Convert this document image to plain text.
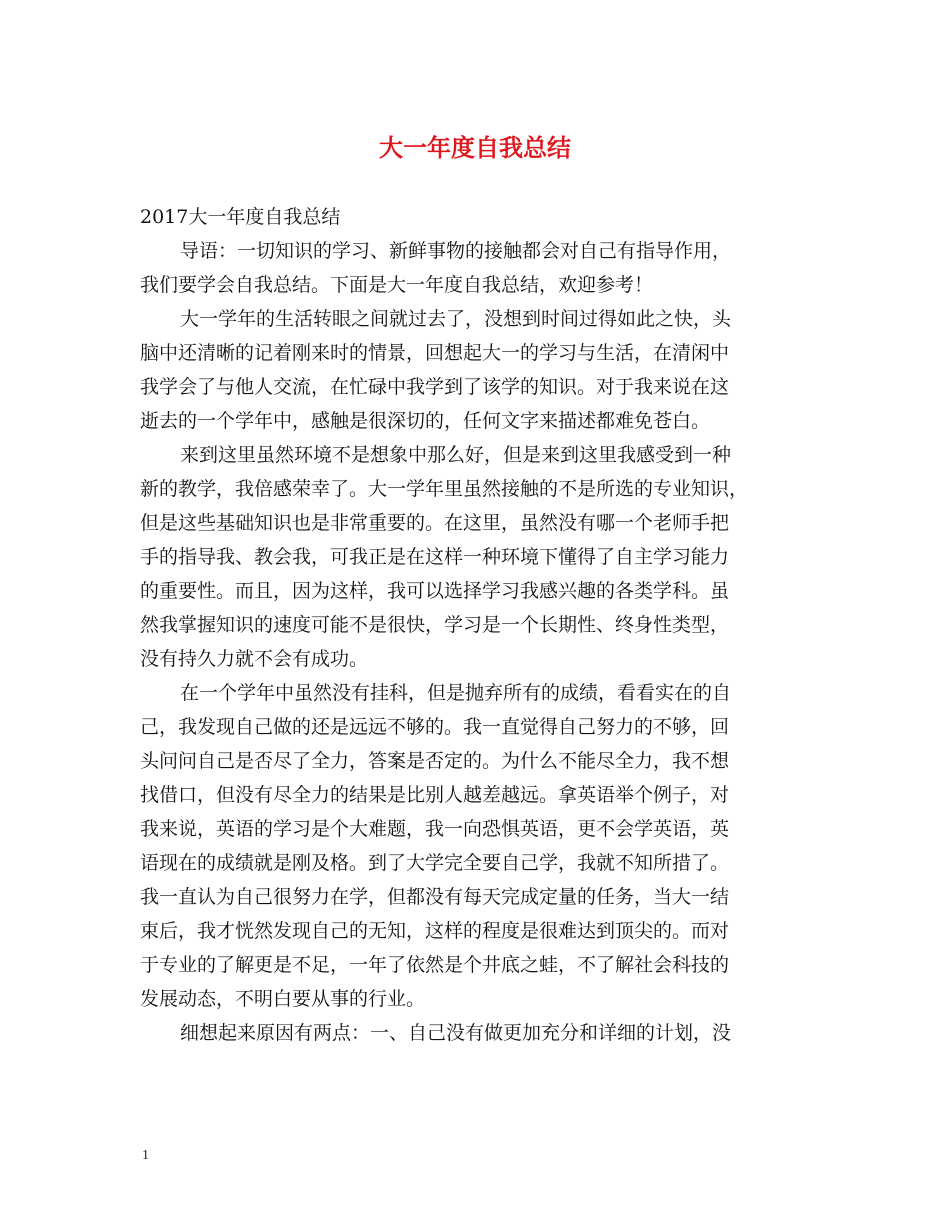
大一年度自我总结
2017大一年度自我总结
导语：一切知识的学习、新鲜事物的接触都会对自己有指导作用，
我们要学会自我总结。下面是大一年度自我总结，欢迎参考！
大一学年的生活转眼之间就过去了，没想到时间过得如此之快，头
脑中还清晰的记着刚来时的情景，回想起大一的学习与生活，在清闲中
我学会了与他人交流，在忙碌中我学到了该学的知识。对于我来说在这
逝去的一个学年中，感触是很深切的，任何文字来描述都难免苍白。
来到这里虽然环境不是想象中那么好，但是来到这里我感受到一种
新的教学，我倍感荣幸了。大一学年里虽然接触的不是所选的专业知识，
但是这些基础知识也是非常重要的。在这里，虽然没有哪一个老师手把
手的指导我、教会我，可我正是在这样一种环境下懂得了自主学习能力
的重要性。而且，因为这样，我可以选择学习我感兴趣的各类学科。虽
然我掌握知识的速度可能不是很快，学习是一个长期性、终身性类型，
没有持久力就不会有成功。
在一个学年中虽然没有挂科，但是抛弃所有的成绩，看看实在的自
己，我发现自己做的还是远远不够的。我一直觉得自己努力的不够，回
头问问自己是否尽了全力，答案是否定的。为什么不能尽全力，我不想
找借口，但没有尽全力的结果是比别人越差越远。拿英语举个例子，对
我来说，英语的学习是个大难题，我一向恐惧英语，更不会学英语，英
语现在的成绩就是刚及格。到了大学完全要自己学，我就不知所措了。
我一直认为自己很努力在学，但都没有每天完成定量的任务，当大一结
束后，我才恍然发现自己的无知，这样的程度是很难达到顶尖的。而对
于专业的了解更是不足，一年了依然是个井底之蛙，不了解社会科技的
发展动态，不明白要从事的行业。
细想起来原因有两点：一、自己没有做更加充分和详细的计划，没
1
